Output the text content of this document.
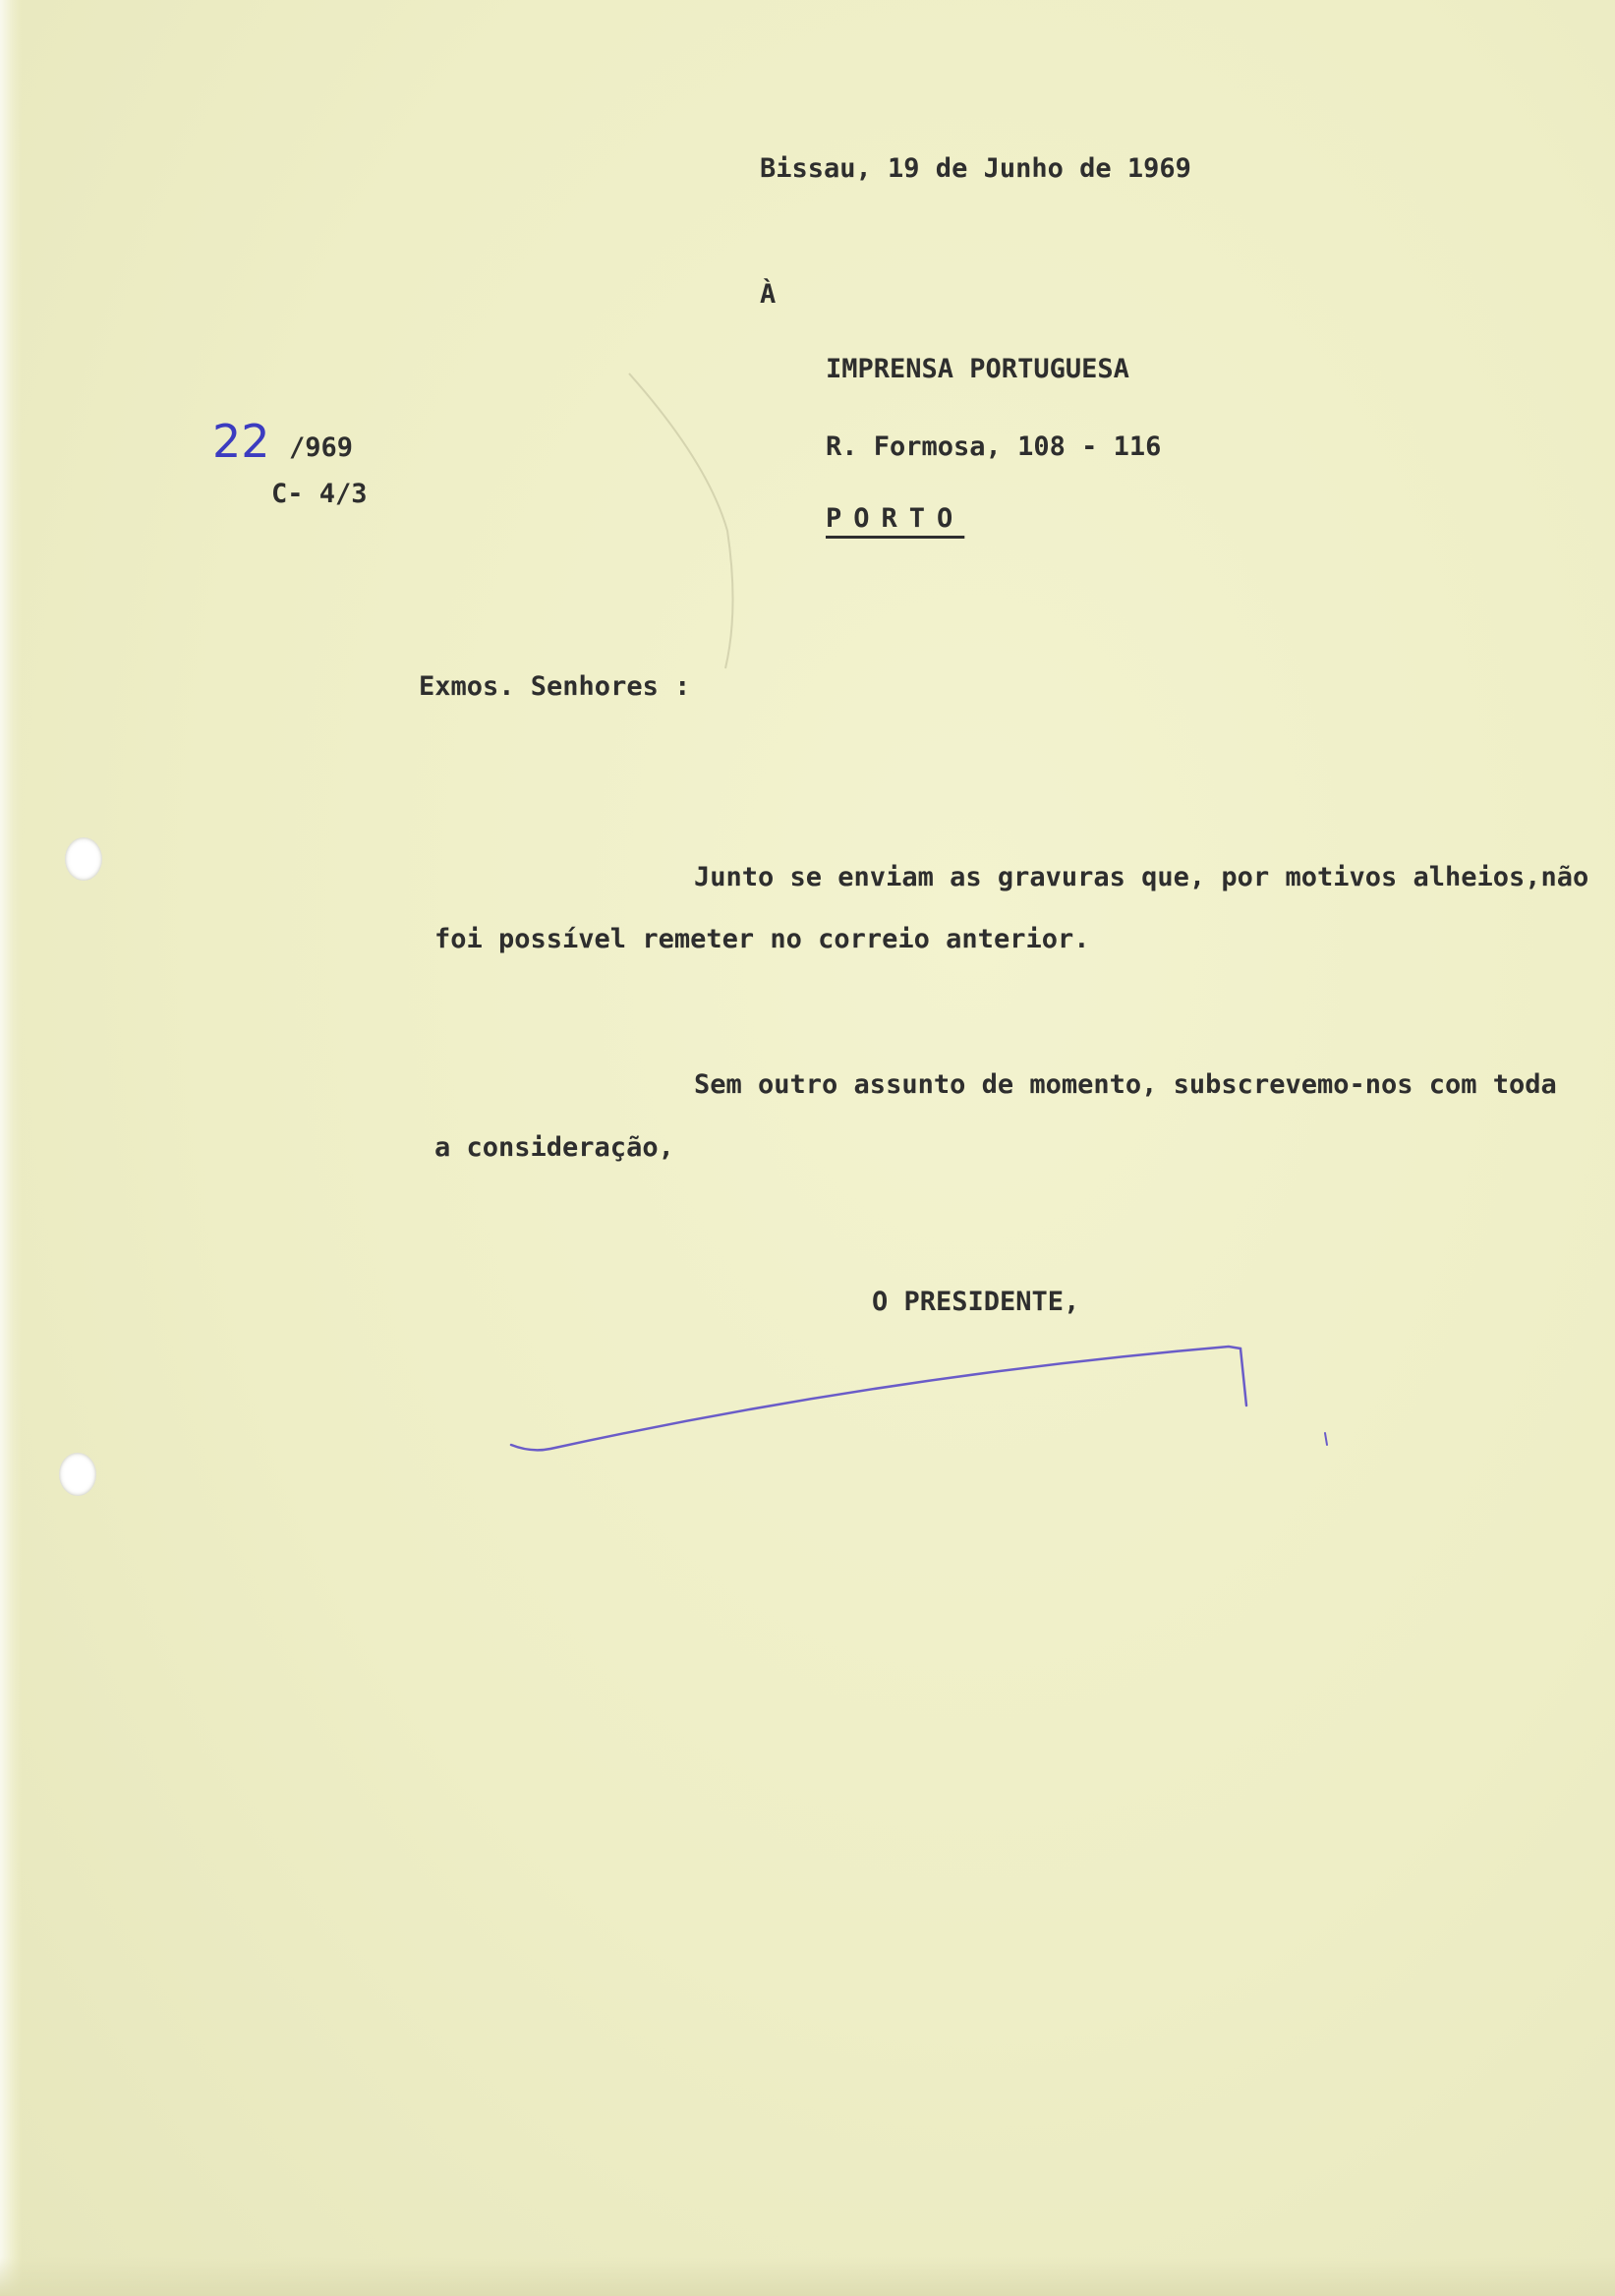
Bissau, 19 de Junho de 1969

À

IMPRENSA PORTUGUESA

R. Formosa, 108 - 116

PORTO

22 /969

C- 4/3

Exmos. Senhores :

Junto se enviam as gravuras que, por motivos alheios,não

foi possível remeter no correio anterior.

Sem outro assunto de momento, subscrevemo-nos com toda

a consideração,

O PRESIDENTE,
